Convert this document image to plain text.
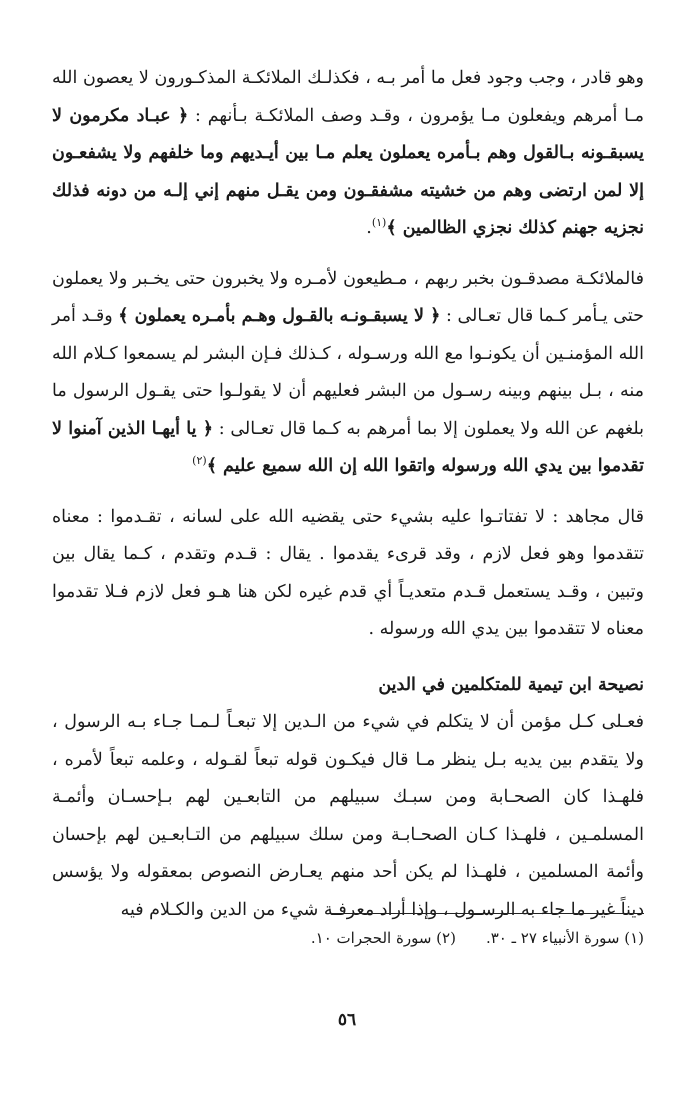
وهو قادر ، وجب وجود فعل ما أمر بـه ، فكذلـك الملائكـة المذكـورون لا يعصون الله مـا أمرهم ويفعلون مـا يؤمرون ، وقـد وصف الملائكـة بـأنهم : ﴿ عبـاد مكرمون لا يسبقـونه بـالقول وهم بـأمره يعملون يعلم مـا بين أيـديهم وما خلفهم ولا يشفعـون إلا لمن ارتضى وهم من خشيته مشفقـون ومن يقـل منهم إني إلـه من دونه فذلك نجزيه جهنم كذلك نجزي الظالمين ﴾$^{(١)}$.

فالملائكـة مصدقـون بخبر ربهم ، مـطيعون لأمـره ولا يخبرون حتى يخـبر ولا يعملون حتى يـأمر كـما قال تعـالى : ﴿ لا يسبقـونـه بالقـول وهـم بأمـره يعملون ﴾ وقـد أمر الله المؤمنـين أن يكونـوا مع الله ورسـوله ، كـذلك فـإن البشر لم يسمعوا كـلام الله منه ، بـل بينهم وبينه رسـول من البشر فعليهم أن لا يقولـوا حتى يقـول الرسول ما بلغهم عن الله ولا يعملون إلا بما أمرهم به كـما قال تعـالى : ﴿ يا أيهـا الذين آمنوا لا تقدموا بين يدي الله ورسوله واتقوا الله إن الله سميع عليم ﴾$^{(٢)}$

قال مجاهد : لا تفتاتـوا عليه بشيء حتى يقضيه الله على لسانه ، تقـدموا : معناه تتقدموا وهو فعل لازم ، وقد قرىء يقدموا . يقال : قـدم وتقدم ، كـما يقال بين وتبين ، وقـد يستعمل قـدم متعديـاً أي قدم غيره لكن هنا هـو فعل لازم فـلا تقدموا معناه لا تتقدموا بين يدي الله ورسوله .

نصيحة ابن تيمية للمتكلمين في الدين

فعـلى كـل مؤمن أن لا يتكلم في شيء من الـدين إلا تبعـاً لـمـا جـاء بـه الرسول ، ولا يتقدم بين يديه بـل ينظر مـا قال فيكـون قوله تبعاً لقـوله ، وعلمه تبعاً لأمره ، فلهـذا كان الصحـابة ومن سبـك سبيلهم من التابعـين لهم بـإحسـان وأئمـة المسلمـين ، فلهـذا كـان الصحـابـة ومن سلك سبيلهم من التـابعـين لهم بإحسان وأئمة المسلمين ، فلهـذا لم يكن أحد منهم يعـارض النصوص بمعقوله ولا يؤسس ديناً غير ما جاء به الرسـول ، وإذا أراد معرفـة شيء من الدين والكـلام فيه

(١) سورة الأنبياء ٢٧ ـ ٣٠.(٢) سورة الحجرات ١٠.
٥٦
